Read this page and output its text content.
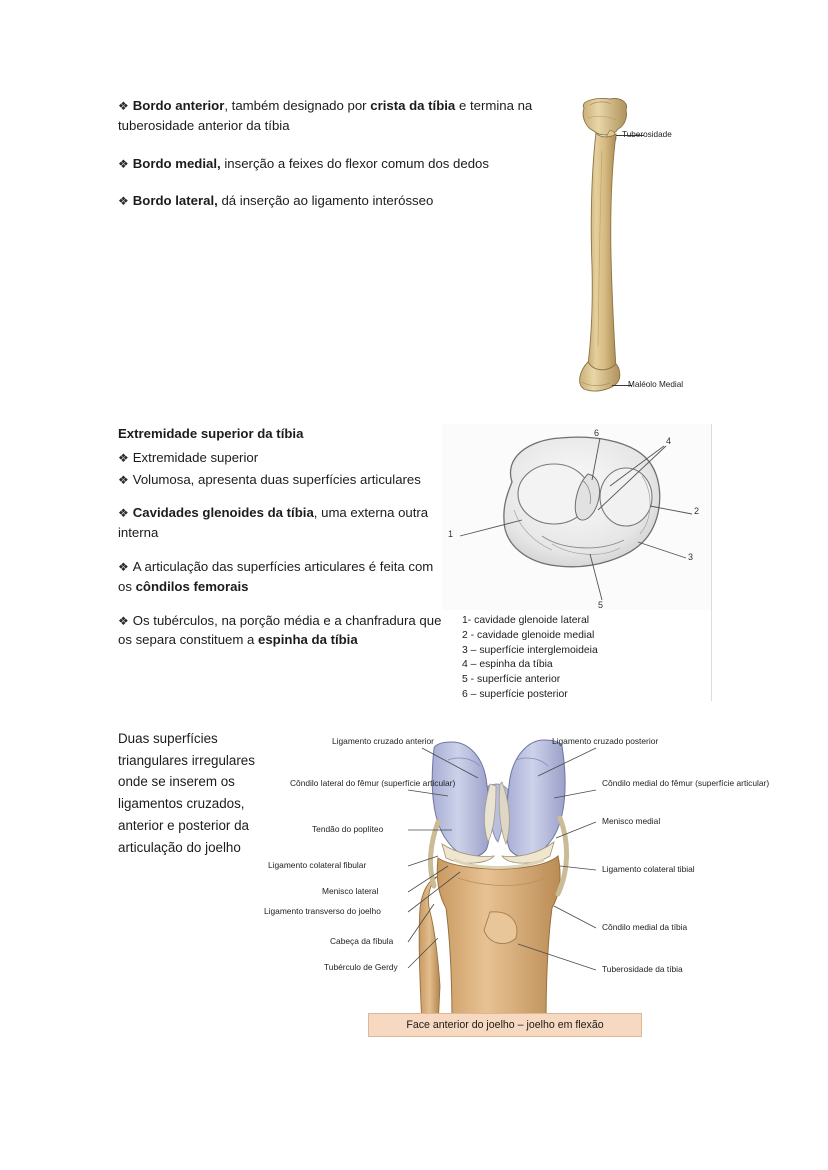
❖ Bordo anterior, também designado por crista da tíbia e termina na tuberosidade anterior da tíbia

❖ Bordo medial, inserção a feixes do flexor comum dos dedos

❖ Bordo lateral, dá inserção ao ligamento interósseo

Tuberosidade
Maléolo Medial

Extremidade superior da tíbia

❖ Extremidade superior

❖ Volumosa, apresenta duas superfícies articulares

❖ Cavidades glenoides da tíbia, uma externa outra interna

❖ A articulação das superfícies articulares é feita com os côndilos femorais

❖ Os tubérculos, na porção média e a chanfradura que os separa constituem a espinha da tíbia

1
2
3
4
5
6
1- cavidade glenoide lateral
2 - cavidade glenoide medial
3 – superfície interglemoideia
4 – espinha da tíbia
5 - superfície anterior
6 – superfície posterior
Duas superfícies triangulares irregulares onde se inserem os ligamentos cruzados, anterior e posterior da articulação do joelho
Ligamento cruzado anterior
Côndilo lateral do fêmur (superfície articular)
Tendão do poplíteo
Ligamento colateral fibular
Menisco lateral
Ligamento transverso do joelho
Cabeça da fíbula
Tubérculo de Gerdy
Ligamento cruzado posterior
Côndilo medial do fêmur (superfície articular)
Menisco medial
Ligamento colateral tibial
Côndilo medial da tíbia
Tuberosidade da tíbia
Face anterior do joelho – joelho em flexão
